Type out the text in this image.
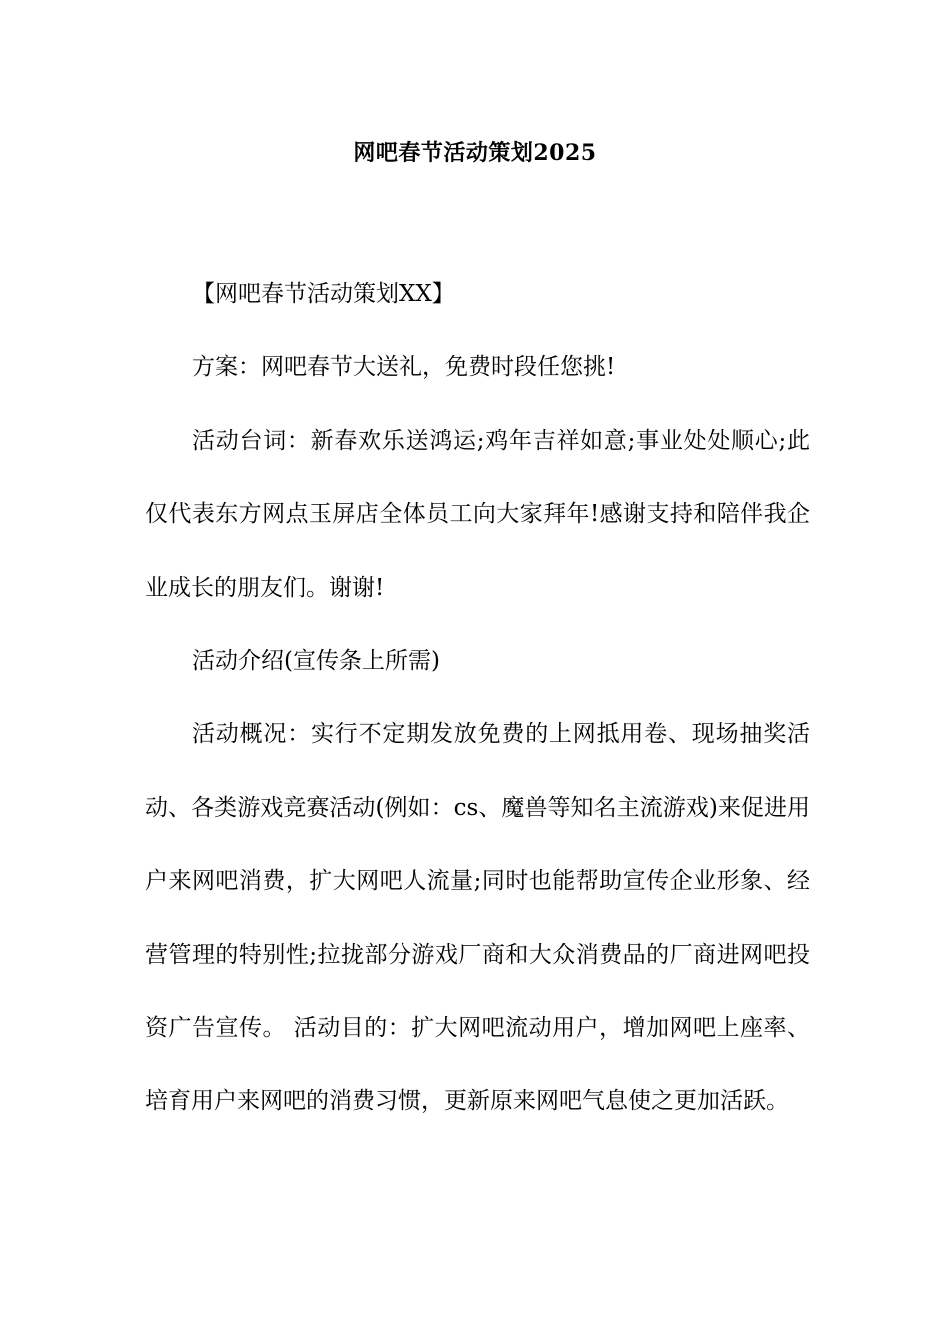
网吧春节活动策划2025

【网吧春节活动策划XX】

方案：网吧春节大送礼，免费时段任您挑!

活动台词：新春欢乐送鸿运;鸡年吉祥如意;事业处处顺心;此仅代表东方网点玉屏店全体员工向大家拜年!感谢支持和陪伴我企业成长的朋友们。谢谢!

活动介绍(宣传条上所需)

活动概况：实行不定期发放免费的上网抵用卷、现场抽奖活动、各类游戏竞赛活动(例如：cs、魔兽等知名主流游戏)来促进用户来网吧消费，扩大网吧人流量;同时也能帮助宣传企业形象、经营管理的特别性;拉拢部分游戏厂商和大众消费品的厂商进网吧投资广告宣传。 活动目的：扩大网吧流动用户，增加网吧上座率、培育用户来网吧的消费习惯，更新原来网吧气息使之更加活跃。
